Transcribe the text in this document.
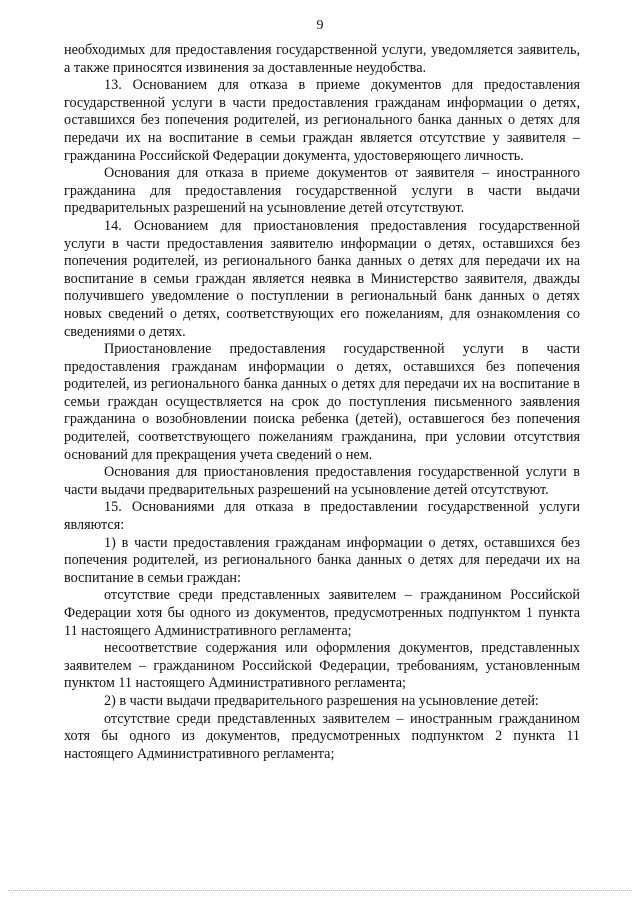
9

необходимых для предоставления государственной услуги, уведомляется заявитель, а также приносятся извинения за доставленные неудобства.

13. Основанием для отказа в приеме документов для предоставления государственной услуги в части предоставления гражданам информации о детях, оставшихся без попечения родителей, из регионального банка данных о детях для передачи их на воспитание в семьи граждан является отсутствие у заявителя – гражданина Российской Федерации документа, удостоверяющего личность.

Основания для отказа в приеме документов от заявителя – иностранного гражданина для предоставления государственной услуги в части выдачи предварительных разрешений на усыновление детей отсутствуют.

14. Основанием для приостановления предоставления государственной услуги в части предоставления заявителю информации о детях, оставшихся без попечения родителей, из регионального банка данных о детях для передачи их на воспитание в семьи граждан является неявка в Министерство заявителя, дважды получившего уведомление о поступлении в региональный банк данных о детях новых сведений о детях, соответствующих его пожеланиям, для ознакомления со сведениями о детях.

Приостановление предоставления государственной услуги в части предоставления гражданам информации о детях, оставшихся без попечения родителей, из регионального банка данных о детях для передачи их на воспитание в семьи граждан осуществляется на срок до поступления письменного заявления гражданина о возобновлении поиска ребенка (детей), оставшегося без попечения родителей, соответствующего пожеланиям гражданина, при условии отсутствия оснований для прекращения учета сведений о нем.

Основания для приостановления предоставления государственной услуги в части выдачи предварительных разрешений на усыновление детей отсутствуют.

15. Основаниями для отказа в предоставлении государственной услуги являются:

1) в части предоставления гражданам информации о детях, оставшихся без попечения родителей, из регионального банка данных о детях для передачи их на воспитание в семьи граждан:

отсутствие среди представленных заявителем – гражданином Российской Федерации хотя бы одного из документов, предусмотренных подпунктом 1 пункта 11 настоящего Административного регламента;

несоответствие содержания или оформления документов, представленных заявителем – гражданином Российской Федерации, требованиям, установленным пунктом 11 настоящего Административного регламента;

2) в части выдачи предварительного разрешения на усыновление детей:

отсутствие среди представленных заявителем – иностранным гражданином хотя бы одного из документов, предусмотренных подпунктом 2 пункта 11 настоящего Административного регламента;
